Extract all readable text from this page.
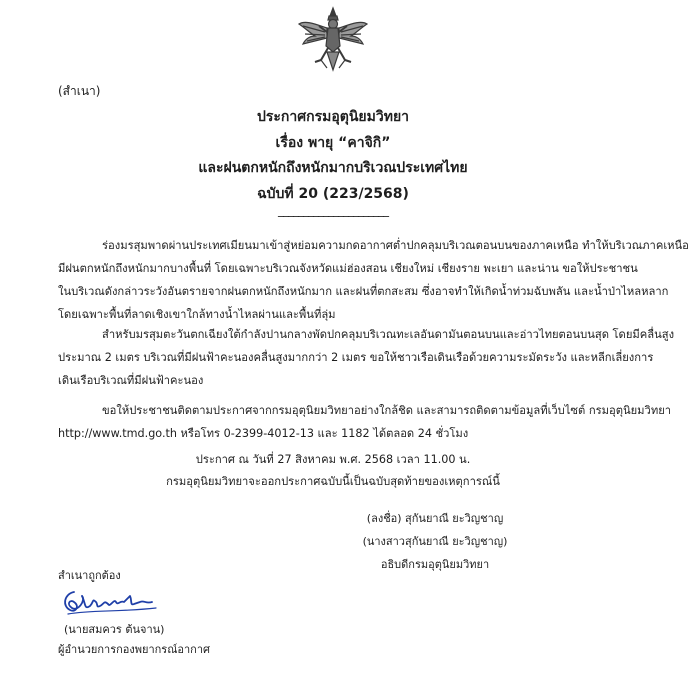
(สำเนา)
ประกาศกรมอุตุนิยมวิทยา
เรื่อง พายุ “คาจิกิ”
และฝนตกหนักถึงหนักมากบริเวณประเทศไทย
ฉบับที่ 20 (223/2568)
______________________
ร่องมรสุมพาดผ่านประเทศเมียนมาเข้าสู่หย่อมความกดอากาศต่ำปกคลุมบริเวณตอนบนของภาคเหนือ ทำให้บริเวณภาคเหนือ
มีฝนตกหนักถึงหนักมากบางพื้นที่ โดยเฉพาะบริเวณจังหวัดแม่ฮ่องสอน เชียงใหม่ เชียงราย พะเยา และน่าน ขอให้ประชาชน
ในบริเวณดังกล่าวระวังอันตรายจากฝนตกหนักถึงหนักมาก และฝนที่ตกสะสม ซึ่งอาจทำให้เกิดน้ำท่วมฉับพลัน และน้ำป่าไหลหลาก
โดยเฉพาะพื้นที่ลาดเชิงเขาใกล้ทางน้ำไหลผ่านและพื้นที่ลุ่ม
สำหรับมรสุมตะวันตกเฉียงใต้กำลังปานกลางพัดปกคลุมบริเวณทะเลอันดามันตอนบนและอ่าวไทยตอนบนสุด โดยมีคลื่นสูง
ประมาณ 2 เมตร บริเวณที่มีฝนฟ้าคะนองคลื่นสูงมากกว่า 2 เมตร ขอให้ชาวเรือเดินเรือด้วยความระมัดระวัง และหลีกเลี่ยงการ
เดินเรือบริเวณที่มีฝนฟ้าคะนอง
ขอให้ประชาชนติดตามประกาศจากกรมอุตุนิยมวิทยาอย่างใกล้ชิด และสามารถติดตามข้อมูลที่เว็บไซต์ กรมอุตุนิยมวิทยา
http://www.tmd.go.th หรือโทร 0-2399-4012-13 และ 1182 ได้ตลอด 24 ชั่วโมง
ประกาศ ณ วันที่ 27 สิงหาคม พ.ศ. 2568 เวลา 11.00 น.
กรมอุตุนิยมวิทยาจะออกประกาศฉบับนี้เป็นฉบับสุดท้ายของเหตุการณ์นี้
(ลงชื่อ) สุกันยาณี ยะวิญชาญ
(นางสาวสุกันยาณี ยะวิญชาญ)
อธิบดีกรมอุตุนิยมวิทยา
สำเนาถูกต้อง
(นายสมควร ต้นจาน)
ผู้อำนวยการกองพยากรณ์อากาศ
